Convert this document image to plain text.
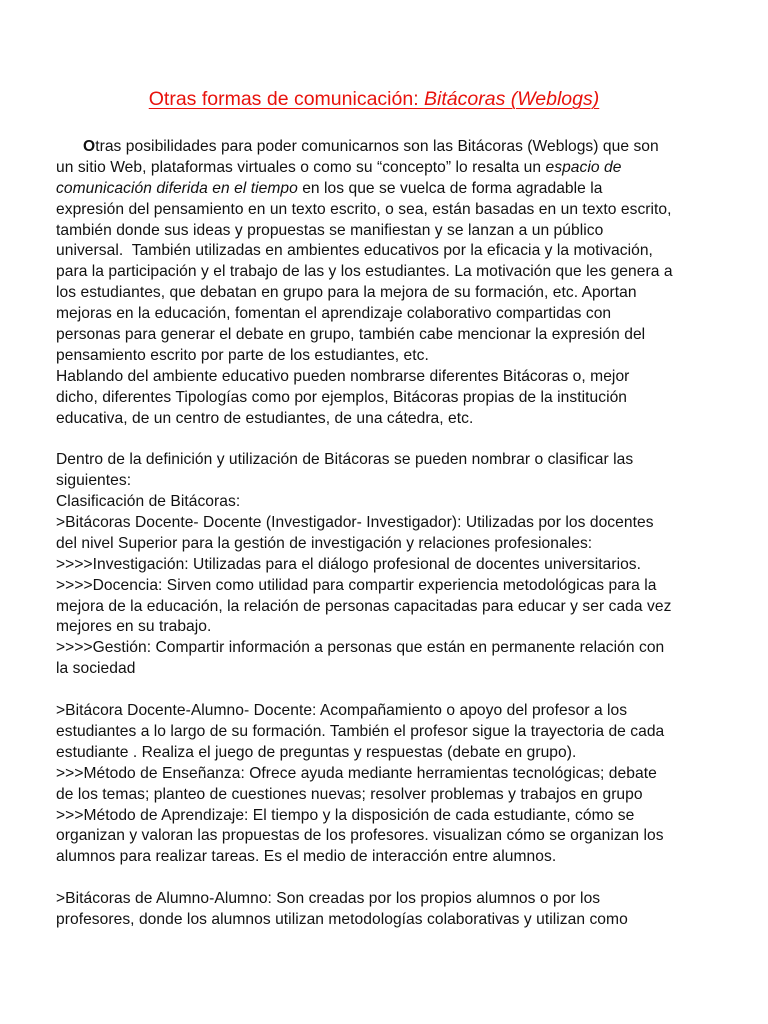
Otras formas de comunicación: Bitácoras (Weblogs)
Otras posibilidades para poder comunicarnos son las Bitácoras (Weblogs) que son
un sitio Web, plataformas virtuales o como su “concepto” lo resalta un espacio de
comunicación diferida en el tiempo en los que se vuelca de forma agradable la
expresión del pensamiento en un texto escrito, o sea, están basadas en un texto escrito,
también donde sus ideas y propuestas se manifiestan y se lanzan a un público
universal.  También utilizadas en ambientes educativos por la eficacia y la motivación,
para la participación y el trabajo de las y los estudiantes. La motivación que les genera a
los estudiantes, que debatan en grupo para la mejora de su formación, etc. Aportan
mejoras en la educación, fomentan el aprendizaje colaborativo compartidas con
personas para generar el debate en grupo, también cabe mencionar la expresión del
pensamiento escrito por parte de los estudiantes, etc.
Hablando del ambiente educativo pueden nombrarse diferentes Bitácoras o, mejor
dicho, diferentes Tipologías como por ejemplos, Bitácoras propias de la institución
educativa, de un centro de estudiantes, de una cátedra, etc.
Dentro de la definición y utilización de Bitácoras se pueden nombrar o clasificar las
siguientes:
Clasificación de Bitácoras:
>Bitácoras Docente- Docente (Investigador- Investigador): Utilizadas por los docentes
del nivel Superior para la gestión de investigación y relaciones profesionales:
>>>>Investigación: Utilizadas para el diálogo profesional de docentes universitarios.
>>>>Docencia: Sirven como utilidad para compartir experiencia metodológicas para la
mejora de la educación, la relación de personas capacitadas para educar y ser cada vez
mejores en su trabajo.
>>>>Gestión: Compartir información a personas que están en permanente relación con
la sociedad
>Bitácora Docente-Alumno- Docente: Acompañamiento o apoyo del profesor a los
estudiantes a lo largo de su formación. También el profesor sigue la trayectoria de cada
estudiante . Realiza el juego de preguntas y respuestas (debate en grupo).
>>>Método de Enseñanza: Ofrece ayuda mediante herramientas tecnológicas; debate
de los temas; planteo de cuestiones nuevas; resolver problemas y trabajos en grupo
>>>Método de Aprendizaje: El tiempo y la disposición de cada estudiante, cómo se
organizan y valoran las propuestas de los profesores. visualizan cómo se organizan los
alumnos para realizar tareas. Es el medio de interacción entre alumnos.
>Bitácoras de Alumno-Alumno: Son creadas por los propios alumnos o por los
profesores, donde los alumnos utilizan metodologías colaborativas y utilizan como
